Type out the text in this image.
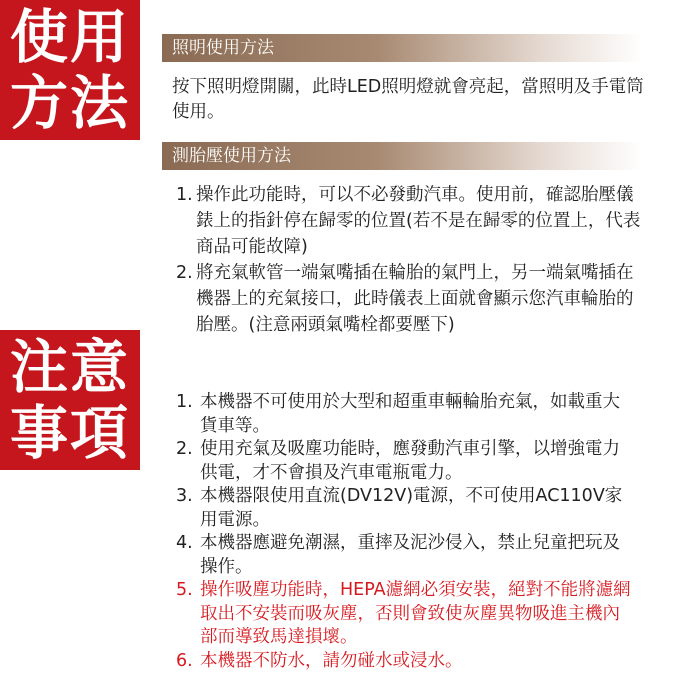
使用
方法
照明使用方法
按下照明燈開關，此時LED照明燈就會亮起，當照明及手電筒使用。
測胎壓使用方法
1. 操作此功能時，可以不必發動汽車。使用前，確認胎壓儀錶上的指針停在歸零的位置(若不是在歸零的位置上，代表商品可能故障)
2. 將充氣軟管一端氣嘴插在輪胎的氣門上，另一端氣嘴插在機器上的充氣接口，此時儀表上面就會顯示您汽車輪胎的胎壓。(注意兩頭氣嘴栓都要壓下)
注意
事項	1. 本機器不可使用於大型和超重車輛輪胎充氣，如載重大貨車等。
2. 使用充氣及吸塵功能時，應發動汽車引擎，以增強電力供電，才不會損及汽車電瓶電力。
3. 本機器限使用直流(DV12V)電源，不可使用AC110V家用電源。
4. 本機器應避免潮濕，重摔及泥沙侵入，禁止兒童把玩及操作。
5. 操作吸塵功能時，HEPA濾網必須安裝，絕對不能將濾網取出不安裝而吸灰塵，否則會致使灰塵異物吸進主機內部而導致馬達損壞。
6. 本機器不防水，請勿碰水或浸水。
